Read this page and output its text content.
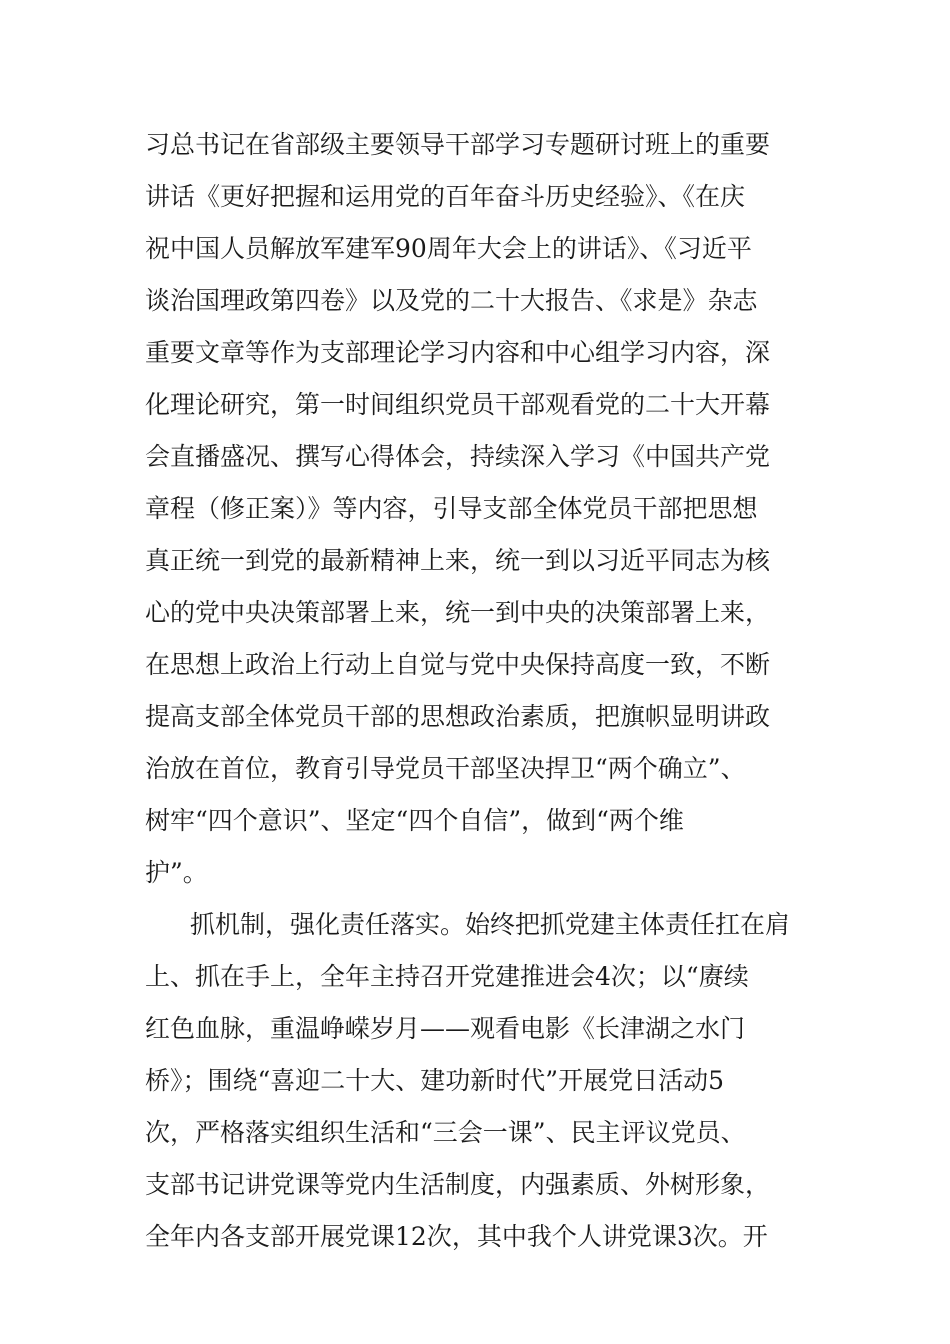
习总书记在省部级主要领导干部学习专题研讨班上的重要
讲话《更好把握和运用党的百年奋斗历史经验》、《在庆
祝中国人员解放军建军90周年大会上的讲话》、《习近平
谈治国理政第四卷》以及党的二十大报告、《求是》杂志
重要文章等作为支部理论学习内容和中心组学习内容，深
化理论研究，第一时间组织党员干部观看党的二十大开幕
会直播盛况、撰写心得体会，持续深入学习《中国共产党
章程（修正案）》等内容，引导支部全体党员干部把思想
真正统一到党的最新精神上来，统一到以习近平同志为核
心的党中央决策部署上来，统一到中央的决策部署上来，
在思想上政治上行动上自觉与党中央保持高度一致，不断
提高支部全体党员干部的思想政治素质，把旗帜显明讲政
治放在首位，教育引导党员干部坚决捍卫“两个确立”、
树牢“四个意识”、坚定“四个自信”，做到“两个维
护”。
抓机制，强化责任落实。始终把抓党建主体责任扛在肩
上、抓在手上，全年主持召开党建推进会4次；以“赓续
红色血脉，重温峥嵘岁月——观看电影《长津湖之水门
桥》；围绕“喜迎二十大、建功新时代”开展党日活动5
次，严格落实组织生活和“三会一课”、民主评议党员、
支部书记讲党课等党内生活制度，内强素质、外树形象，
全年内各支部开展党课12次，其中我个人讲党课3次。开
